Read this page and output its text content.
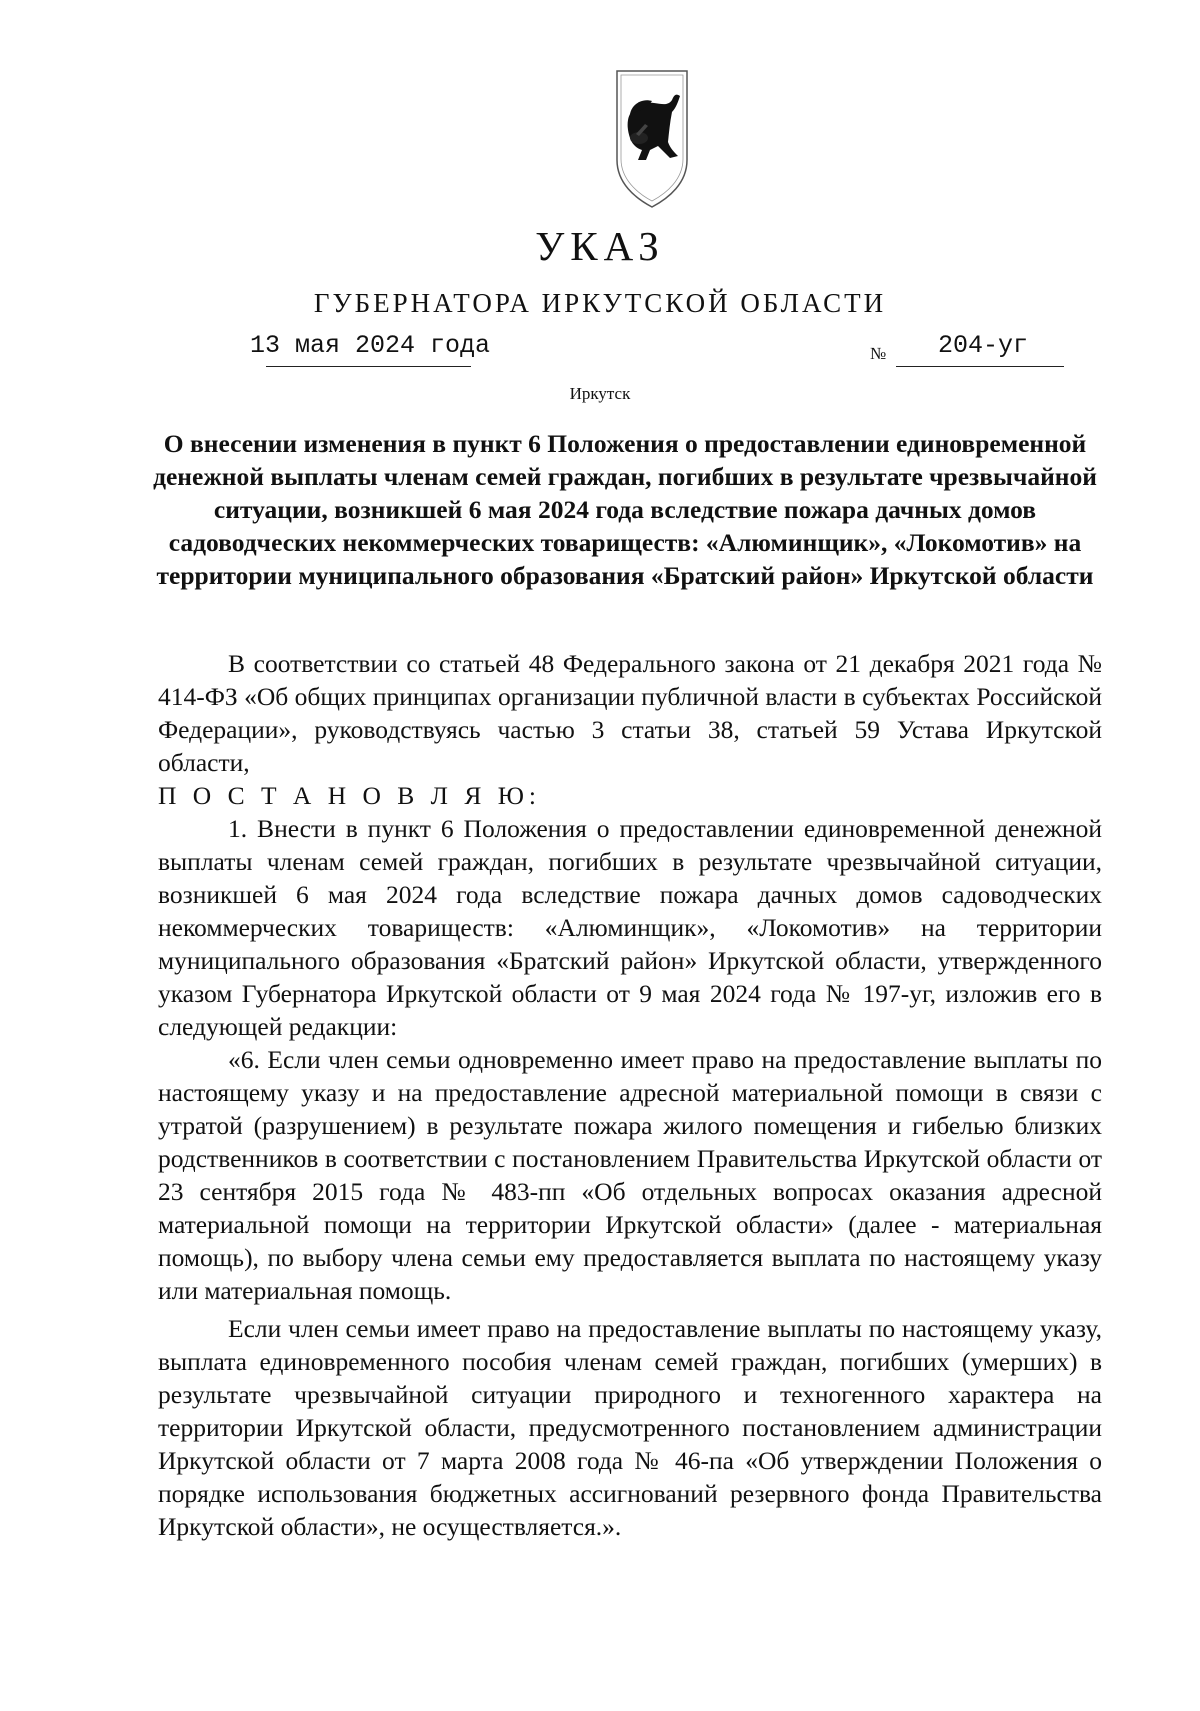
УКАЗ
ГУБЕРНАТОРА ИРКУТСКОЙ ОБЛАСТИ
13 мая 2024 года	№ 204-уг
Иркутск
О внесении изменения в пункт 6 Положения о предоставлении единовременной денежной выплаты членам семей граждан, погибших в результате чрезвычайной ситуации, возникшей 6 мая 2024 года вследствие пожара дачных домов садоводческих некоммерческих товариществ: «Алюминщик», «Локомотив» на территории муниципального образования «Братский район» Иркутской области

В соответствии со статьей 48 Федерального закона от 21 декабря 2021 года № 414-ФЗ «Об общих принципах организации публичной власти в субъектах Российской Федерации», руководствуясь частью 3 статьи 38, статьей 59 Устава Иркутской области,

П О С Т А Н О В Л Я Ю:

1. Внести в пункт 6 Положения о предоставлении единовременной денежной выплаты членам семей граждан, погибших в результате чрезвычайной ситуации, возникшей 6 мая 2024 года вследствие пожара дачных домов садоводческих некоммерческих товариществ: «Алюминщик», «Локомотив» на территории муниципального образования «Братский район» Иркутской области, утвержденного указом Губернатора Иркутской области от 9 мая 2024 года № 197-уг, изложив его в следующей редакции:

«6. Если член семьи одновременно имеет право на предоставление выплаты по настоящему указу и на предоставление адресной материальной помощи в связи с утратой (разрушением) в результате пожара жилого помещения и гибелью близких родственников в соответствии с постановлением Правительства Иркутской области от 23 сентября 2015 года № 483-пп «Об отдельных вопросах оказания адресной материальной помощи на территории Иркутской области» (далее - материальная помощь), по выбору члена семьи ему предоставляется выплата по настоящему указу или материальная помощь.

Если член семьи имеет право на предоставление выплаты по настоящему указу, выплата единовременного пособия членам семей граждан, погибших (умерших) в результате чрезвычайной ситуации природного и техногенного характера на территории Иркутской области, предусмотренного постановлением администрации Иркутской области от 7 марта 2008 года № 46-па «Об утверждении Положения о порядке использования бюджетных ассигнований резервного фонда Правительства Иркутской области», не осуществляется.».
